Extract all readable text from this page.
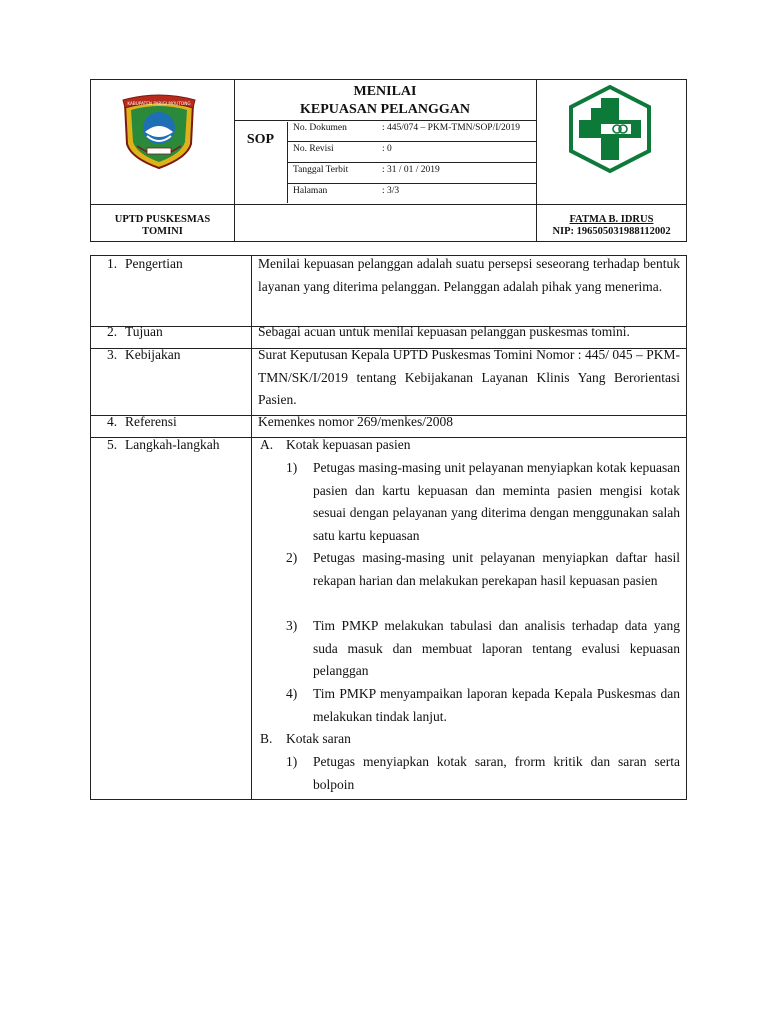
KABUPATEN PARIGI MOUTONG
MENILAI
KEPUASAN PELANGGAN
SOP
No. Dokumen	: 445/074 – PKM-TMN/SOP/I/2019
No. Revisi	: 0
Tanggal Terbit	: 31 / 01 / 2019
Halaman	: 3/3
UPTD PUSKESMAS
TOMINI
FATMA B. IDRUS
NIP: 196505031988112002
1. Pengertian	Menilai kepuasan pelanggan adalah suatu persepsi seseorang terhadap bentuk layanan yang diterima pelanggan. Pelanggan adalah pihak yang menerima.
2. Tujuan	Sebagai acuan untuk menilai kepuasan pelanggan puskesmas tomini.
3. Kebijakan	Surat Keputusan Kepala UPTD Puskesmas Tomini Nomor : 445/ 045 – PKM-TMN/SK/I/2019 tentang Kebijakanan Layanan Klinis Yang Berorientasi Pasien.
4. Referensi	Kemenkes nomor 269/menkes/2008
5. Langkah-langkah	A. Kotak kepuasan pasien
1) Petugas masing-masing unit pelayanan menyiapkan kotak kepuasan pasien dan kartu kepuasan dan meminta pasien mengisi kotak sesuai dengan pelayanan yang diterima dengan menggunakan salah satu kartu kepuasan
2) Petugas masing-masing unit pelayanan menyiapkan daftar hasil rekapan harian dan melakukan perekapan hasil kepuasan pasien
3) Tim PMKP melakukan tabulasi dan analisis terhadap data yang suda masuk dan membuat laporan tentang evalusi kepuasan pelanggan
4) Tim PMKP menyampaikan laporan kepada Kepala Puskesmas dan melakukan tindak lanjut.
B. Kotak saran
1) Petugas menyiapkan kotak saran, frorm kritik dan saran serta bolpoin
